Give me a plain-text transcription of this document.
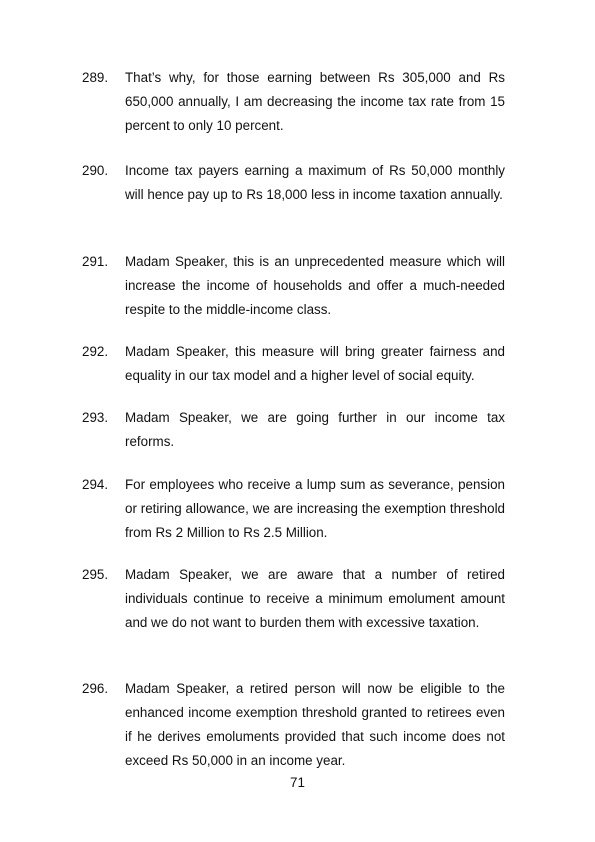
289. That’s why, for those earning between Rs 305,000 and Rs 650,000 annually, I am decreasing the income tax rate from 15 percent to only 10 percent.
290. Income tax payers earning a maximum of Rs 50,000 monthly will hence pay up to Rs 18,000 less in income taxation annually.
291. Madam Speaker, this is an unprecedented measure which will increase the income of households and offer a much-needed respite to the middle-income class.
292. Madam Speaker, this measure will bring greater fairness and equality in our tax model and a higher level of social equity.
293. Madam Speaker, we are going further in our income tax reforms.
294. For employees who receive a lump sum as severance, pension or retiring allowance, we are increasing the exemption threshold from Rs 2 Million to Rs 2.5 Million.
295. Madam Speaker, we are aware that a number of retired individuals continue to receive a minimum emolument amount and we do not want to burden them with excessive taxation.
296. Madam Speaker, a retired person will now be eligible to the enhanced income exemption threshold granted to retirees even if he derives emoluments provided that such income does not exceed Rs 50,000 in an income year.
71
